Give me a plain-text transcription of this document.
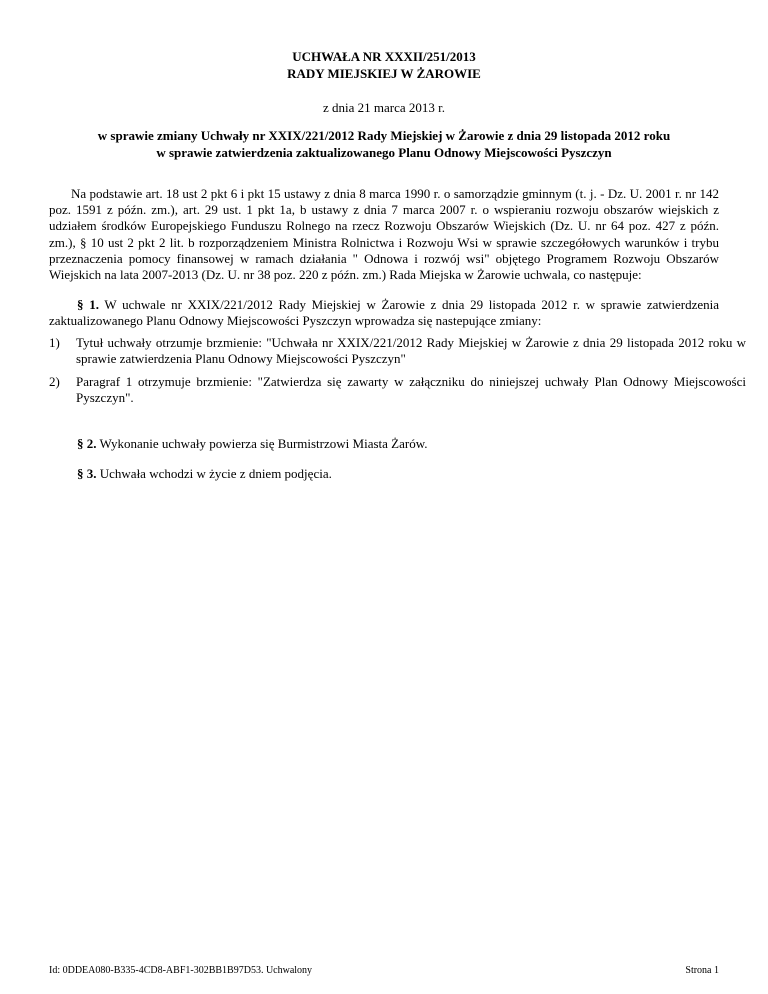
UCHWAŁA NR XXXII/251/2013
RADY MIEJSKIEJ W ŻAROWIE
z dnia 21 marca 2013 r.
w sprawie zmiany Uchwały nr XXIX/221/2012 Rady Miejskiej w Żarowie z dnia 29 listopada 2012 roku
w sprawie zatwierdzenia zaktualizowanego Planu Odnowy Miejscowości Pyszczyn
Na podstawie art. 18 ust 2 pkt 6 i pkt 15 ustawy z dnia 8 marca 1990 r. o samorządzie gminnym (t. j. - Dz. U. 2001 r. nr 142 poz. 1591 z późn. zm.), art. 29 ust. 1 pkt 1a, b ustawy z dnia 7 marca 2007 r. o wspieraniu rozwoju obszarów wiejskich z udziałem środków Europejskiego Funduszu Rolnego na rzecz Rozwoju Obszarów Wiejskich (Dz. U. nr 64 poz. 427 z późn. zm.), § 10 ust 2 pkt 2 lit. b rozporządzeniem Ministra Rolnictwa i Rozwoju Wsi w sprawie szczegółowych warunków i trybu przeznaczenia pomocy finansowej w ramach działania " Odnowa i rozwój wsi" objętego Programem Rozwoju Obszarów Wiejskich na lata 2007-2013 (Dz. U. nr 38 poz. 220 z późn. zm.) Rada Miejska w Żarowie uchwala, co następuje:
§ 1. W uchwale nr XXIX/221/2012 Rady Miejskiej w Żarowie z dnia 29 listopada 2012 r. w sprawie zatwierdzenia zaktualizowanego Planu Odnowy Miejscowości Pyszczyn wprowadza się nastepujące zmiany:
1) Tytuł uchwały otrzumje brzmienie: "Uchwała nr XXIX/221/2012 Rady Miejskiej w Żarowie z dnia 29 listopada 2012 roku w sprawie zatwierdzenia Planu Odnowy Miejscowości Pyszczyn"
2) Paragraf 1 otrzymuje brzmienie: "Zatwierdza się zawarty w załączniku do niniejszej uchwały Plan Odnowy Miejscowości Pyszczyn".
§ 2. Wykonanie uchwały powierza się Burmistrzowi Miasta Żarów.
§ 3. Uchwała wchodzi w życie z dniem podjęcia.
Id: 0DDEA080-B335-4CD8-ABF1-302BB1B97D53. Uchwalony	Strona 1
